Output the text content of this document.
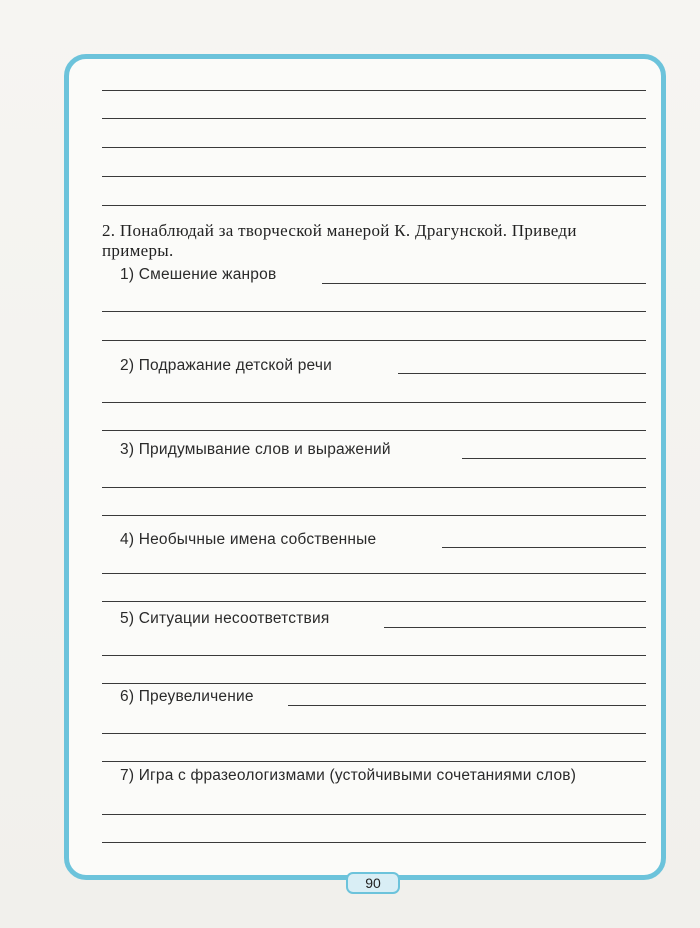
2. Понаблюдай за творческой манерой К. Драгунской. Приведи примеры.
1) Смешение жанров
2) Подражание детской речи
3) Придумывание слов и выражений
4) Необычные имена собственные
5) Ситуации несоответствия
6) Преувеличение
7) Игра с фразеологизмами (устойчивыми сочетаниями слов)
90
